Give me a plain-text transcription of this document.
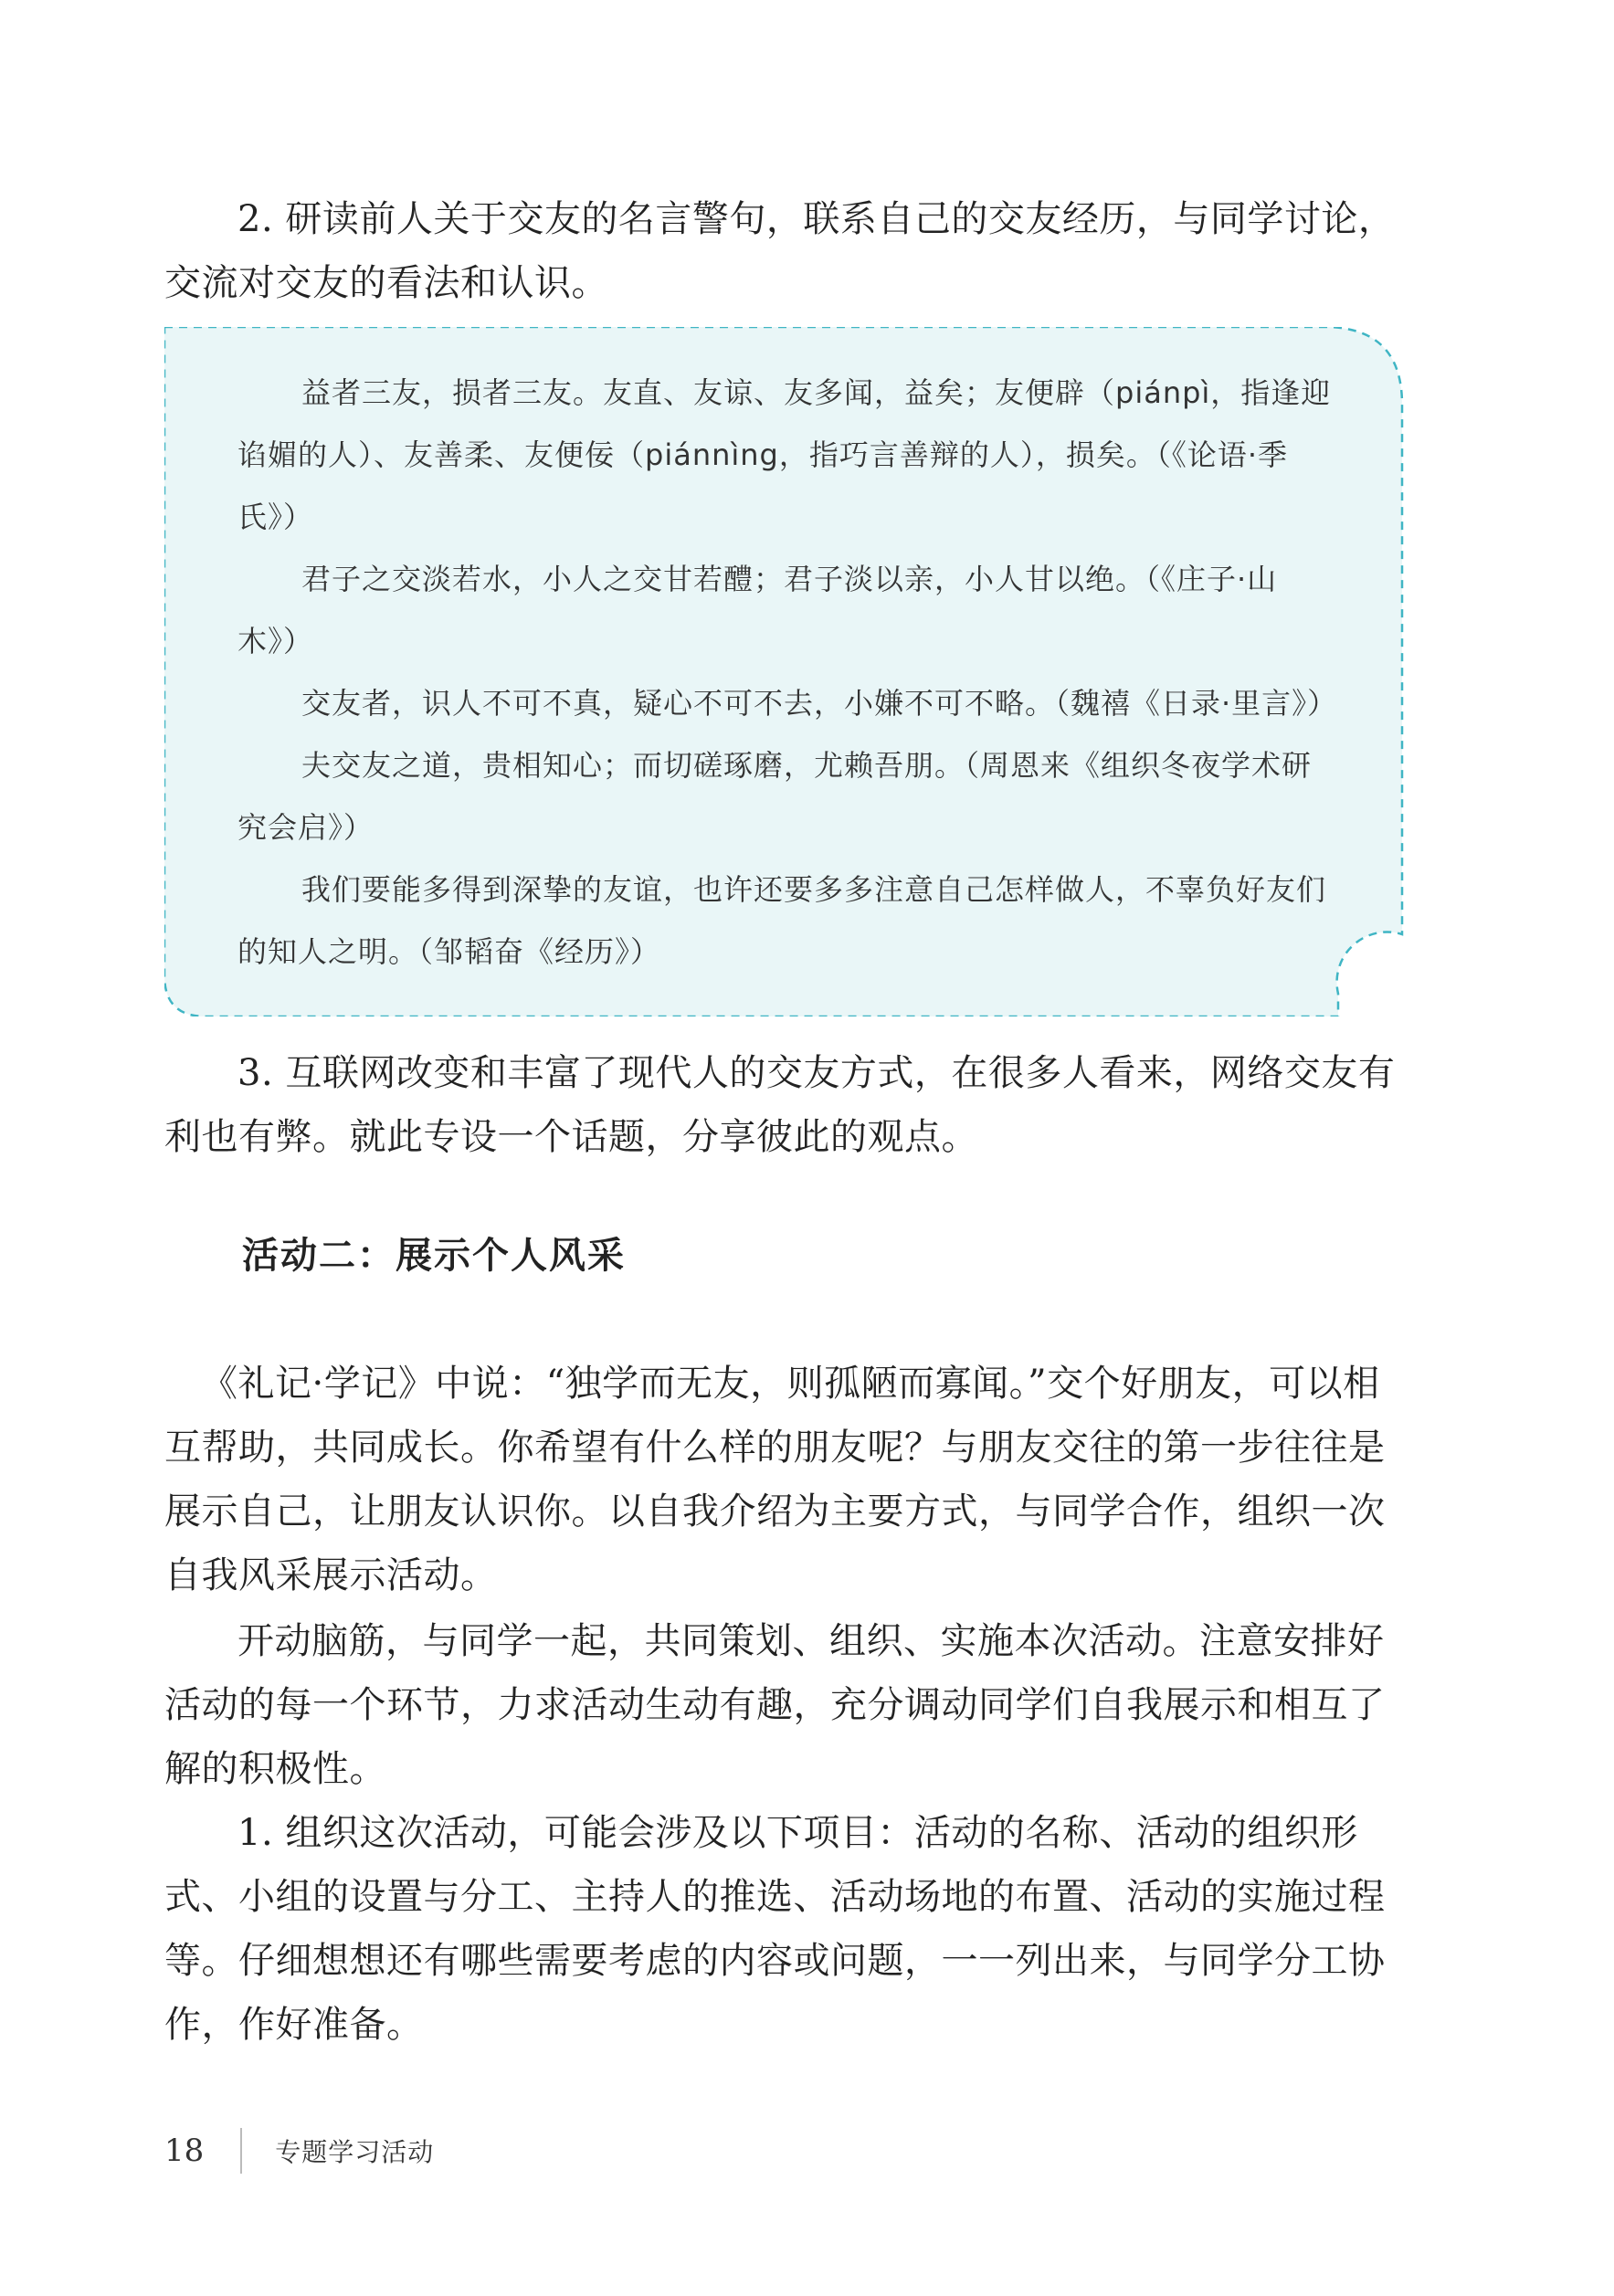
2. 研读前人关于交友的名言警句，联系自己的交友经历，与同学讨论，交流对交友的看法和认识。

益者三友，损者三友。友直、友谅、友多闻，益矣；友便辟（piánpì，指逢迎谄媚的人）、友善柔、友便佞（piánnìng，指巧言善辩的人），损矣。（《论语·季氏》）

君子之交淡若水，小人之交甘若醴；君子淡以亲，小人甘以绝。（《庄子·山木》）

交友者，识人不可不真，疑心不可不去，小嫌不可不略。（魏禧《日录·里言》）

夫交友之道，贵相知心；而切磋琢磨，尤赖吾朋。（周恩来《组织冬夜学术研究会启》）

我们要能多得到深挚的友谊，也许还要多多注意自己怎样做人，不辜负好友们的知人之明。（邹韬奋《经历》）

3. 互联网改变和丰富了现代人的交友方式，在很多人看来，网络交友有利也有弊。就此专设一个话题，分享彼此的观点。

活动二：展示个人风采

《礼记·学记》中说：“独学而无友，则孤陋而寡闻。”交个好朋友，可以相互帮助，共同成长。你希望有什么样的朋友呢？与朋友交往的第一步往往是展示自己，让朋友认识你。以自我介绍为主要方式，与同学合作，组织一次自我风采展示活动。

开动脑筋，与同学一起，共同策划、组织、实施本次活动。注意安排好活动的每一个环节，力求活动生动有趣，充分调动同学们自我展示和相互了解的积极性。

1. 组织这次活动，可能会涉及以下项目：活动的名称、活动的组织形式、小组的设置与分工、主持人的推选、活动场地的布置、活动的实施过程等。仔细想想还有哪些需要考虑的内容或问题，一一列出来，与同学分工协作，作好准备。

18	专题学习活动
